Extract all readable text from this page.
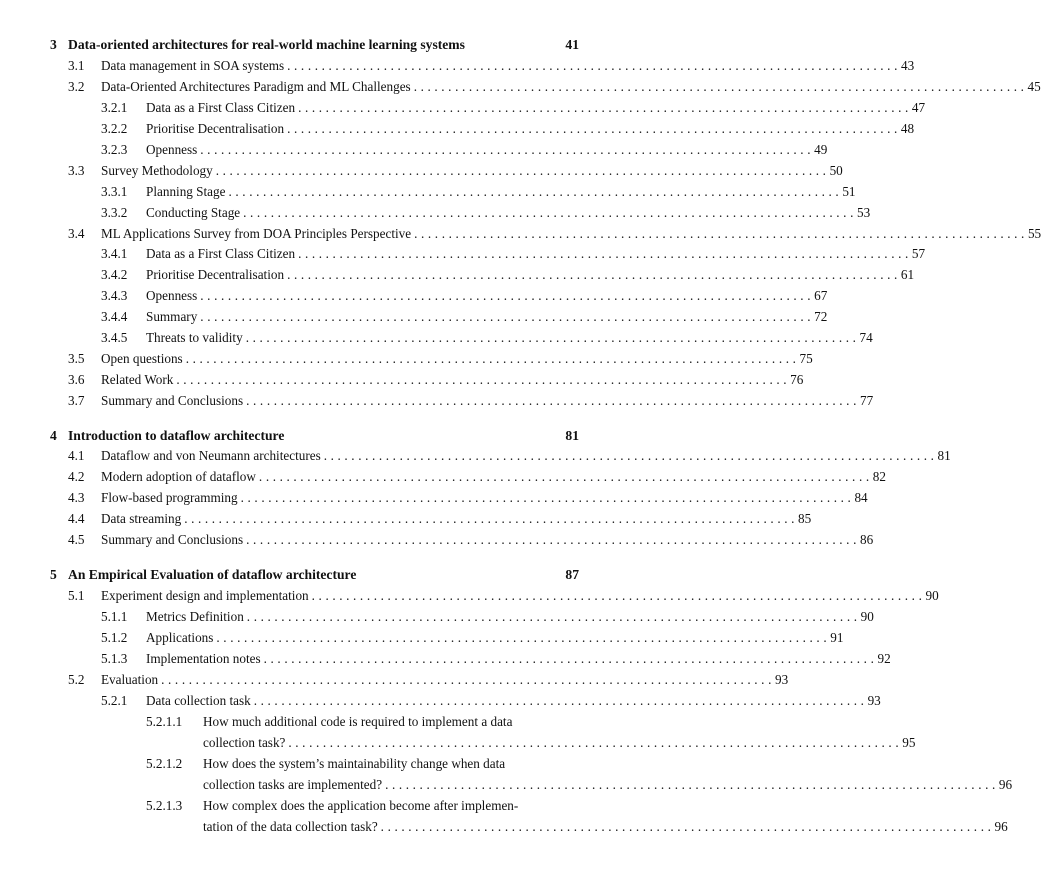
3 Data-oriented architectures for real-world machine learning systems	41
3.1 Data management in SOA systems ......................................................................................... 43
3.2 Data-Oriented Architectures Paradigm and ML Challenges ......................................................................................... 45
3.2.1 Data as a First Class Citizen ......................................................................................... 47
3.2.2 Prioritise Decentralisation ......................................................................................... 48
3.2.3 Openness ......................................................................................... 49
3.3 Survey Methodology ......................................................................................... 50
3.3.1 Planning Stage ......................................................................................... 51
3.3.2 Conducting Stage ......................................................................................... 53
3.4 ML Applications Survey from DOA Principles Perspective ......................................................................................... 55
3.4.1 Data as a First Class Citizen ......................................................................................... 57
3.4.2 Prioritise Decentralisation ......................................................................................... 61
3.4.3 Openness ......................................................................................... 67
3.4.4 Summary ......................................................................................... 72
3.4.5 Threats to validity ......................................................................................... 74
3.5 Open questions ......................................................................................... 75
3.6 Related Work ......................................................................................... 76
3.7 Summary and Conclusions ......................................................................................... 77
4 Introduction to dataflow architecture	81
4.1 Dataflow and von Neumann architectures ......................................................................................... 81
4.2 Modern adoption of dataflow ......................................................................................... 82
4.3 Flow-based programming ......................................................................................... 84
4.4 Data streaming ......................................................................................... 85
4.5 Summary and Conclusions ......................................................................................... 86
5 An Empirical Evaluation of dataflow architecture	87
5.1 Experiment design and implementation ......................................................................................... 90
5.1.1 Metrics Definition ......................................................................................... 90
5.1.2 Applications ......................................................................................... 91
5.1.3 Implementation notes ......................................................................................... 92
5.2 Evaluation ......................................................................................... 93
5.2.1 Data collection task ......................................................................................... 93
5.2.1.1 How much additional code is required to implement a data
collection task? ......................................................................................... 95
5.2.1.2 How does the system’s maintainability change when data
collection tasks are implemented? ......................................................................................... 96
5.2.1.3 How complex does the application become after implemen-
tation of the data collection task? ......................................................................................... 96
